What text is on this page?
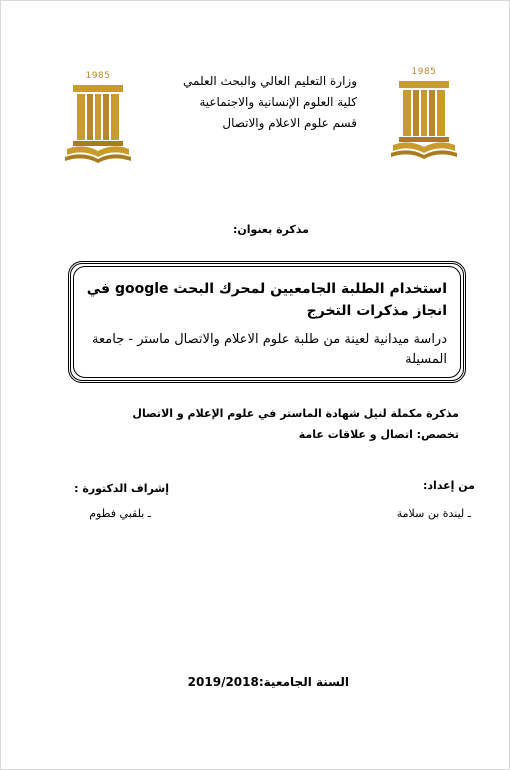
1985	1985
وزارة التعليم العالي والبحث العلمي
كلية العلوم الإنسانية والاجتماعية
قسم علوم الاعلام والاتصال
مذكرة بعنوان:
استخدام الطلبة الجامعيين لمحرك البحث google في انجاز مذكرات التخرج
دراسة ميدانية لعينة من طلبة علوم الاعلام والاتصال ماستر - جامعة المسيلة
مذكرة مكملة لنيل شهادة الماستر في علوم الإعلام و الاتصال
تخصص: اتصال و علاقات عامة
من إعداد:
ـ ليندة بن سلامة
إشراف الدكتورة :
ـ بلقبي فطوم
السنة الجامعية:2019/2018
